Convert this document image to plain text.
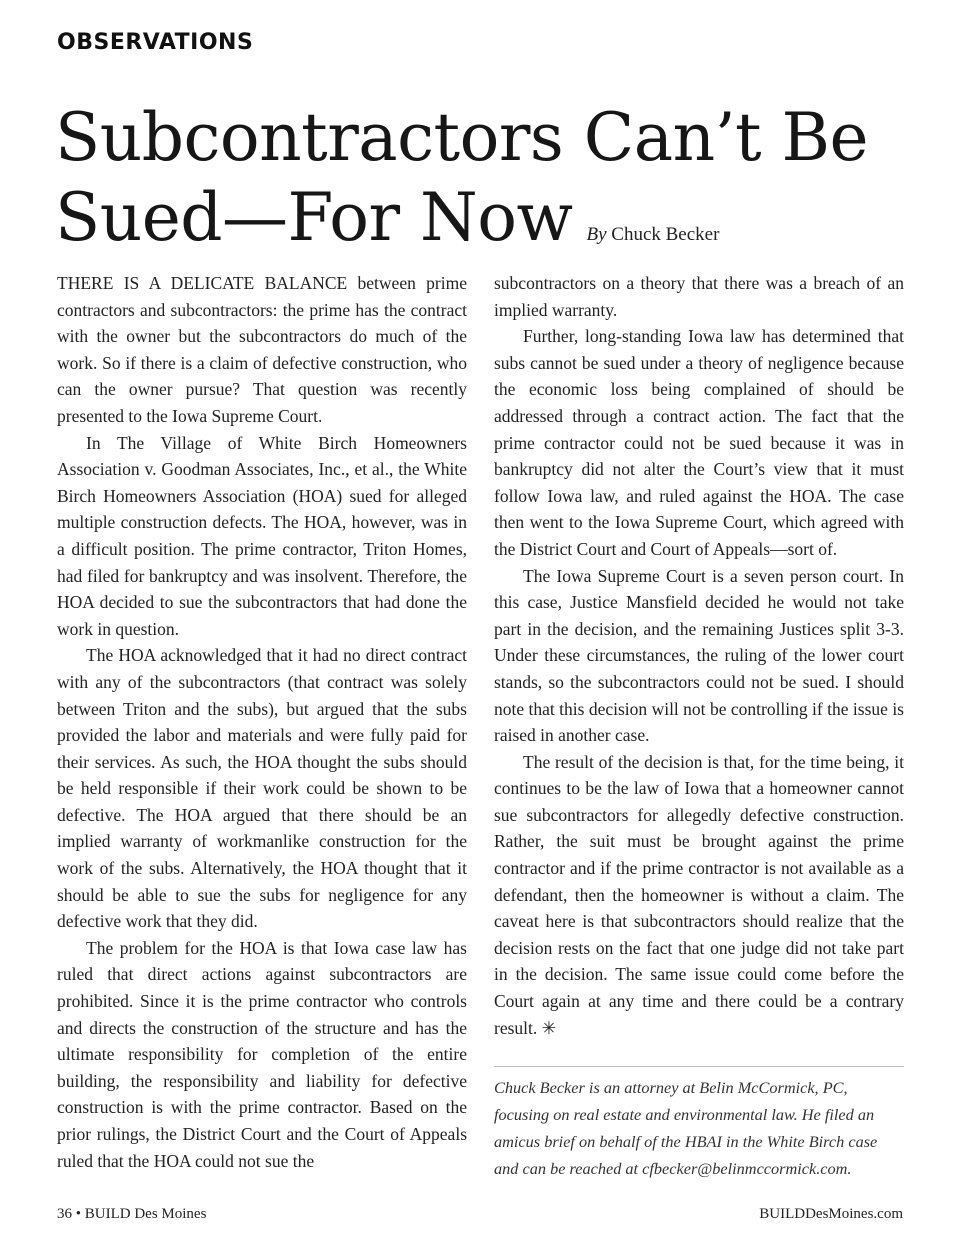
OBSERVATIONS
Subcontractors Can’t Be
Sued—For Now By Chuck Becker

THERE IS A DELICATE BALANCE between prime contractors and subcontractors: the prime has the contract with the owner but the subcontractors do much of the work. So if there is a claim of defective construction, who can the owner pursue? That question was recently presented to the Iowa Supreme Court.

In The Village of White Birch Homeowners Association v. Goodman Associates, Inc., et al., the White Birch Homeowners Association (HOA) sued for alleged multiple construction defects. The HOA, however, was in a difficult position. The prime contractor, Triton Homes, had filed for bankruptcy and was insolvent. Therefore, the HOA decided to sue the subcontractors that had done the work in question.

The HOA acknowledged that it had no direct contract with any of the subcontractors (that contract was solely between Triton and the subs), but argued that the subs provided the labor and materials and were fully paid for their services. As such, the HOA thought the subs should be held responsible if their work could be shown to be defective. The HOA argued that there should be an implied warranty of workmanlike construction for the work of the subs. Alternatively, the HOA thought that it should be able to sue the subs for negligence for any defective work that they did.

The problem for the HOA is that Iowa case law has ruled that direct actions against subcontractors are prohibited. Since it is the prime contractor who controls and directs the construction of the structure and has the ultimate responsibility for completion of the entire building, the responsibility and liability for defective construction is with the prime contractor. Based on the prior rulings, the District Court and the Court of Appeals ruled that the HOA could not sue the

subcontractors on a theory that there was a breach of an implied warranty.

Further, long-standing Iowa law has determined that subs cannot be sued under a theory of negligence because the economic loss being complained of should be addressed through a contract action. The fact that the prime contractor could not be sued because it was in bankruptcy did not alter the Court’s view that it must follow Iowa law, and ruled against the HOA. The case then went to the Iowa Supreme Court, which agreed with the District Court and Court of Appeals—sort of.

The Iowa Supreme Court is a seven person court. In this case, Justice Mansfield decided he would not take part in the decision, and the remaining Justices split 3-3. Under these circumstances, the ruling of the lower court stands, so the subcontractors could not be sued. I should note that this decision will not be controlling if the issue is raised in another case.

The result of the decision is that, for the time being, it continues to be the law of Iowa that a homeowner cannot sue subcontractors for allegedly defective construction. Rather, the suit must be brought against the prime contractor and if the prime contractor is not available as a defendant, then the homeowner is without a claim. The caveat here is that subcontractors should realize that the decision rests on the fact that one judge did not take part in the decision. The same issue could come before the Court again at any time and there could be a contrary result. ✳

Chuck Becker is an attorney at Belin McCormick, PC, focusing on real estate and environmental law. He filed an amicus brief on behalf of the HBAI in the White Birch case and can be reached at cfbecker@belinmccormick.com.

36 • BUILD Des Moines	BUILDDesMoines.com
